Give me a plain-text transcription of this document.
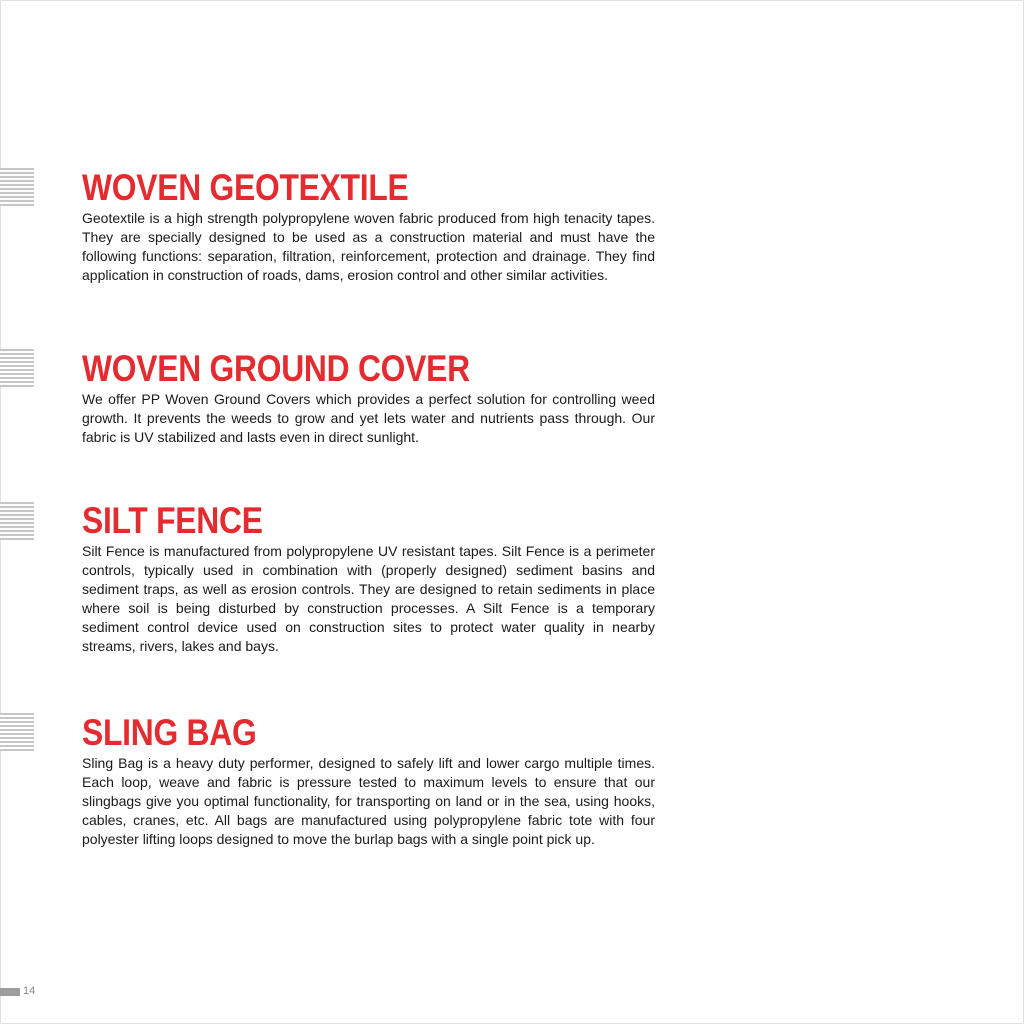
WOVEN GEOTEXTILE

Geotextile is a high strength polypropylene woven fabric produced from high tenacity tapes. They are specially designed to be used as a construction material and must have the following functions: separation, filtration, reinforcement, protection and drainage. They find application in construction of roads, dams, erosion control and other similar activities.

WOVEN GROUND COVER

We offer PP Woven Ground Covers which provides a perfect solution for controlling weed growth. It prevents the weeds to grow and yet lets water and nutrients pass through. Our fabric is UV stabilized and lasts even in direct sunlight.

SILT FENCE

Silt Fence is manufactured from polypropylene UV resistant tapes. Silt Fence is a perimeter controls, typically used in combination with (properly designed) sediment basins and sediment traps, as well as erosion controls. They are designed to retain sediments in place where soil is being disturbed by construction processes. A Silt Fence is a temporary sediment control device used on construction sites to protect water quality in nearby streams, rivers, lakes and bays.

SLING BAG

Sling Bag is a heavy duty performer, designed to safely lift and lower cargo multiple times. Each loop, weave and fabric is pressure tested to maximum levels to ensure that our slingbags give you optimal functionality, for transporting on land or in the sea, using hooks, cables, cranes, etc. All bags are manufactured using polypropylene fabric tote with four polyester lifting loops designed to move the burlap bags with a single point pick up.

14
